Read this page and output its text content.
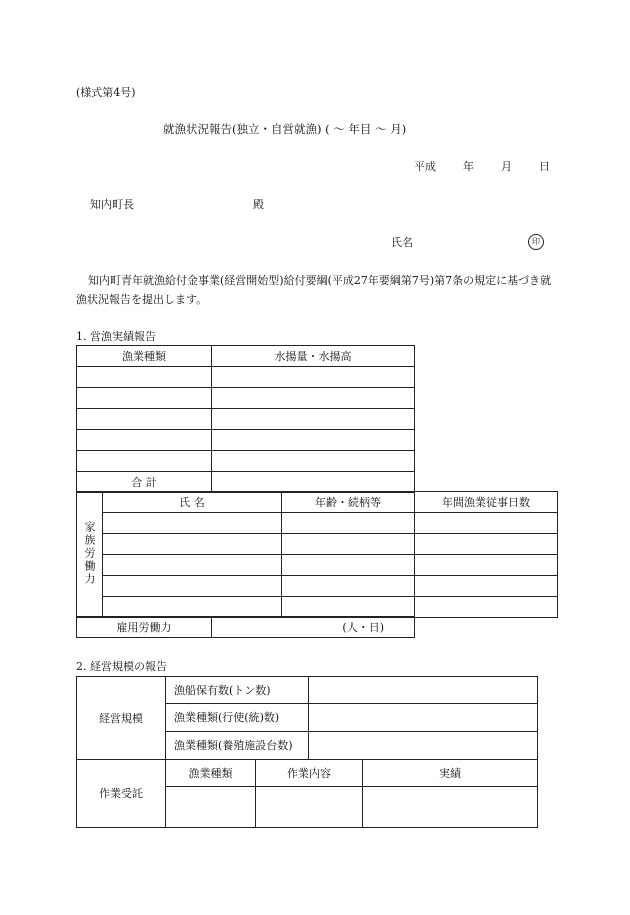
(様式第4号)
就漁状況報告(独立・自営就漁) ( 〜 年目 〜 月)
平成 年 月 日
知内町長	殿
氏名	印
知内町青年就漁給付金事業(経営開始型)給付要綱(平成27年要綱第7号)第7条の規定に基づき就漁状況報告を提出します。
1. 営漁実績報告
漁業種類	水揚量・水揚高

合 計	
家族労働力	氏 名	年齢・続柄等	年間漁業従事日数

雇用労働力	(人・日)
2. 経営規模の報告
経営規模	漁船保有数(トン数)	
	漁業種類(行使(統)数)	
	漁業種類(養殖施設台数)	
作業受託	漁業種類	作業内容	実績
